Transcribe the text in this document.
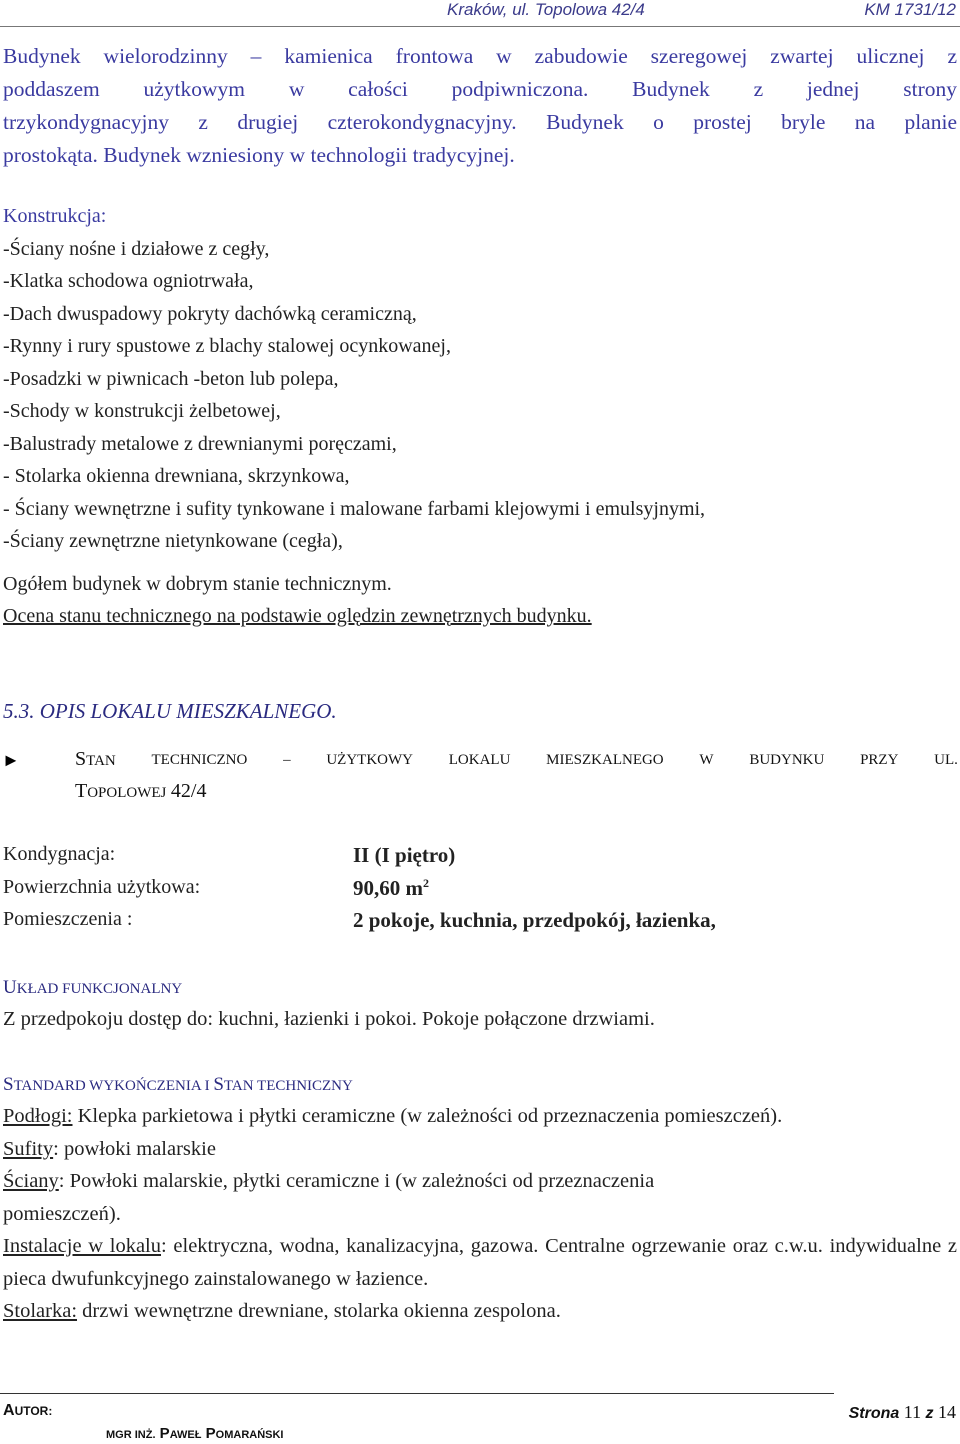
Kraków, ul. Topolowa 42/4	KM 1731/12
Budynek wielorodzinny – kamienica frontowa w zabudowie szeregowej zwartej ulicznej z
poddaszem użytkowym w całości podpiwniczona. Budynek z jednej strony
trzykondygnacyjny z drugiej czterokondygnacyjny. Budynek o prostej bryle na planie
prostokąta. Budynek wzniesiony w technologii tradycyjnej.
Konstrukcja:
-Ściany nośne i działowe z cegły,
-Klatka schodowa ogniotrwała,
-Dach dwuspadowy pokryty dachówką ceramiczną,
-Rynny i rury spustowe z blachy stalowej ocynkowanej,
-Posadzki w piwnicach -beton lub polepa,
-Schody w konstrukcji żelbetowej,
-Balustrady metalowe z drewnianymi poręczami,
- Stolarka okienna drewniana, skrzynkowa,
- Ściany wewnętrzne i sufity tynkowane i malowane farbami klejowymi i emulsyjnymi,
-Ściany zewnętrzne nietynkowane (cegła),
Ogółem budynek w dobrym stanie technicznym.
Ocena stanu technicznego na podstawie oględzin zewnętrznych budynku.
5.3. OPIS LOKALU MIESZKALNEGO.
►	STAN TECHNICZNO – UŻYTKOWY LOKALU MIESZKALNEGO W BUDYNKU PRZY UL.
TOPOLOWEJ 42/4
Kondygnacja:	II (I piętro)
Powierzchnia użytkowa:	90,60 $m^2$
Pomieszczenia :	2 pokoje, kuchnia, przedpokój, łazienka,
UKŁAD FUNKCJONALNY
Z przedpokoju dostęp do: kuchni, łazienki i pokoi. Pokoje połączone drzwiami.
STANDARD WYKOŃCZENIA I STAN TECHNICZNY
Podłogi: Klepka parkietowa i płytki ceramiczne (w zależności od przeznaczenia pomieszczeń).
Sufity: powłoki malarskie
Ściany: Powłoki malarskie, płytki ceramiczne i (w zależności od przeznaczenia
pomieszczeń).
Instalacje w lokalu: elektryczna, wodna, kanalizacyjna, gazowa. Centralne ogrzewanie oraz c.w.u. indywidualne z pieca dwufunkcyjnego zainstalowanego w łazience.
Stolarka: drzwi wewnętrzne drewniane, stolarka okienna zespolona.
AUTOR:
MGR INŻ. PAWEŁ POMARAŃSKI
Strona 11 z 14
